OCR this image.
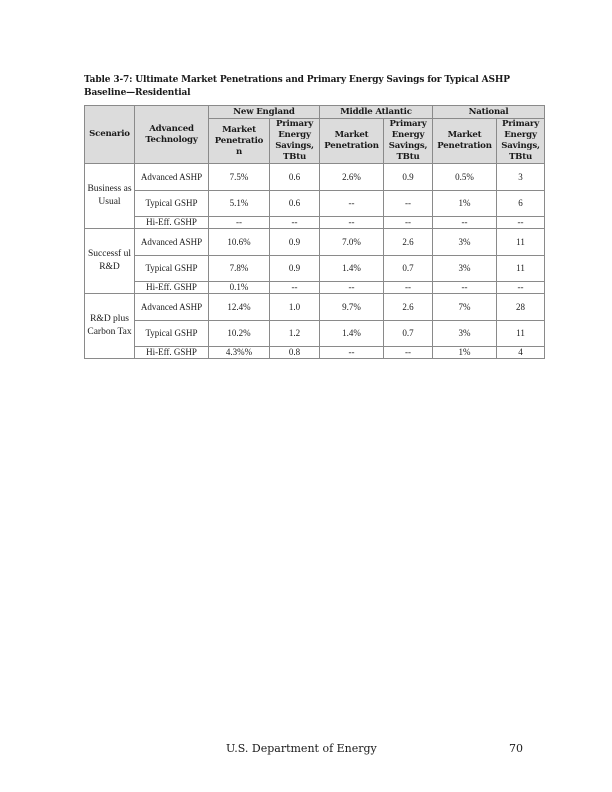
Table 3-7: Ultimate Market Penetrations and Primary Energy Savings for Typical ASHP
Baseline—Residential
Scenario	Advanced Technology	New England		Middle Atlantic		National	
		Market Penetratio n	Primary Energy Savings, TBtu	Market Penetration	Primary Energy Savings, TBtu	Market Penetration	Primary Energy Savings, TBtu
Business as Usual	Advanced ASHP	7.5%	0.6	2.6%	0.9	0.5%	3
	Typical GSHP	5.1%	0.6	--	--	1%	6
	Hi-Eff. GSHP	--	--	--	--	--	--
Successf ul R&D	Advanced ASHP	10.6%	0.9	7.0%	2.6	3%	11
	Typical GSHP	7.8%	0.9	1.4%	0.7	3%	11
	Hi-Eff. GSHP	0.1%	--	--	--	--	--
R&D plus Carbon Tax	Advanced ASHP	12.4%	1.0	9.7%	2.6	7%	28
	Typical GSHP	10.2%	1.2	1.4%	0.7	3%	11
	Hi-Eff. GSHP	4.3%%	0.8	--	--	1%	4
U.S. Department of Energy	70
